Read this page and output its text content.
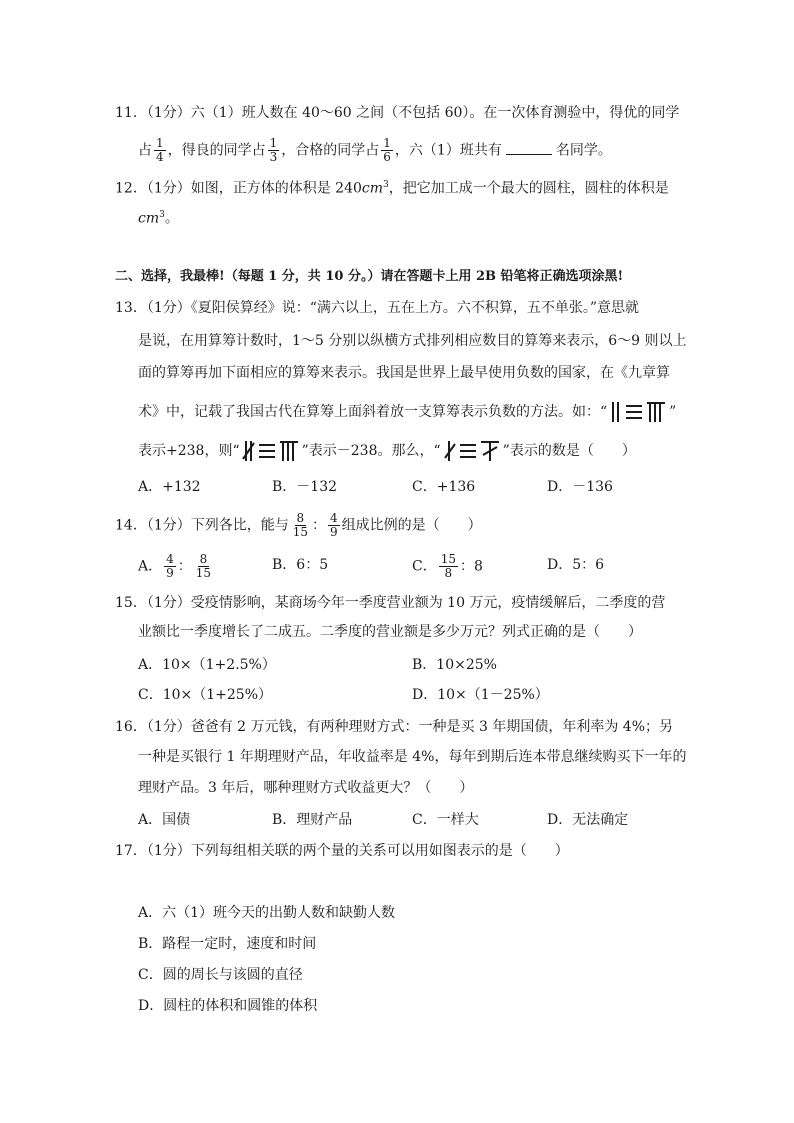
11．（1分）六（1）班人数在 40～60 之间（不包括 60）。在一次体育测验中，得优的同学
占 $\frac{1}{4}$ ，得良的同学占 $\frac{1}{3}$ ，合格的同学占 $\frac{1}{6}$ ，六（1）班共有	名同学。
12．（1分）如图，正方体的体积是 $240cm^3$，把它加工成一个最大的圆柱，圆柱的体积是
$cm^3$。
二、选择，我最棒!（每题 1 分，共 10 分。）请在答题卡上用 2B 铅笔将正确选项涂黑!
13．（1分）《夏阳侯算经》说：“满六以上，五在上方。六不积算，五不单张。”意思就
是说，在用算筹计数时，1～5 分别以纵横方式排列相应数目的算筹来表示，6～9 则以上
面的算筹再加下面相应的算筹来表示。我国是世界上最早使用负数的国家，在《九章算
术》中，记载了我国古代在算筹上面斜着放一支算筹表示负数的方法。如：“	”
表示+238，则“	”表示－238。那么，“	”表示的数是（　　）
A．+132	B．－132	C．+136	D．－136
14．（1分）下列各比，能与 $\frac{8}{15}$ ： $\frac{4}{9}$ 组成比例的是（　　）
A． $\frac{4}{9}$ ： $\frac{8}{15}$	B．6：5	C． $\frac{15}{8}$ ：8	D．5：6
15．（1分）受疫情影响，某商场今年一季度营业额为 10 万元，疫情缓解后，二季度的营
业额比一季度增长了二成五。二季度的营业额是多少万元？列式正确的是（　　）
A．10×（1+2.5%）	B．10×25%
C．10×（1+25%）	D．10×（1－25%）
16．（1分）爸爸有 2 万元钱，有两种理财方式：一种是买 3 年期国债，年利率为 4%；另
一种是买银行 1 年期理财产品，年收益率是 4%，每年到期后连本带息继续购买下一年的
理财产品。3 年后，哪种理财方式收益更大？（　　）
A．国债	B．理财产品	C．一样大	D．无法确定
17．（1分）下列每组相关联的两个量的关系可以用如图表示的是（　　）
A．六（1）班今天的出勤人数和缺勤人数
B．路程一定时，速度和时间
C．圆的周长与该圆的直径
D．圆柱的体积和圆锥的体积
